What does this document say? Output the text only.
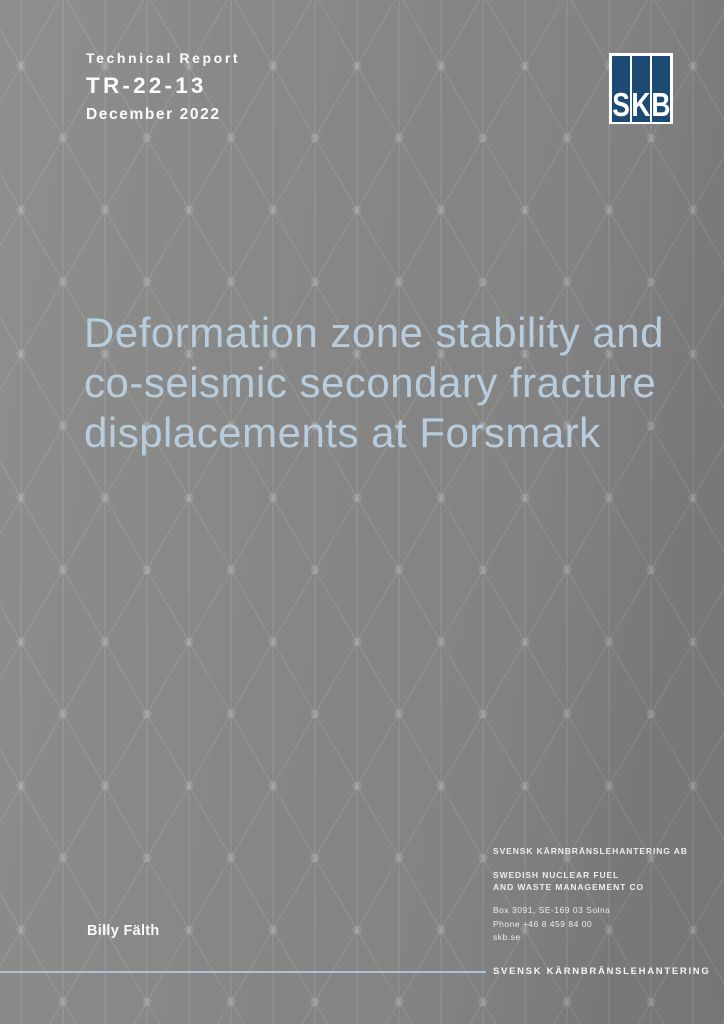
Technical Report
TR-22-13
December 2022	S K B
Deformation zone stability and
co-seismic secondary fracture
displacements at Forsmark
Billy Fälth
SVENSK KÄRNBRÄNSLEHANTERING AB
SWEDISH NUCLEAR FUEL
AND WASTE MANAGEMENT CO
Box 3091, SE-169 03 Solna
Phone +46 8 459 84 00
skb.se
SVENSK KÄRNBRÄNSLEHANTERING
